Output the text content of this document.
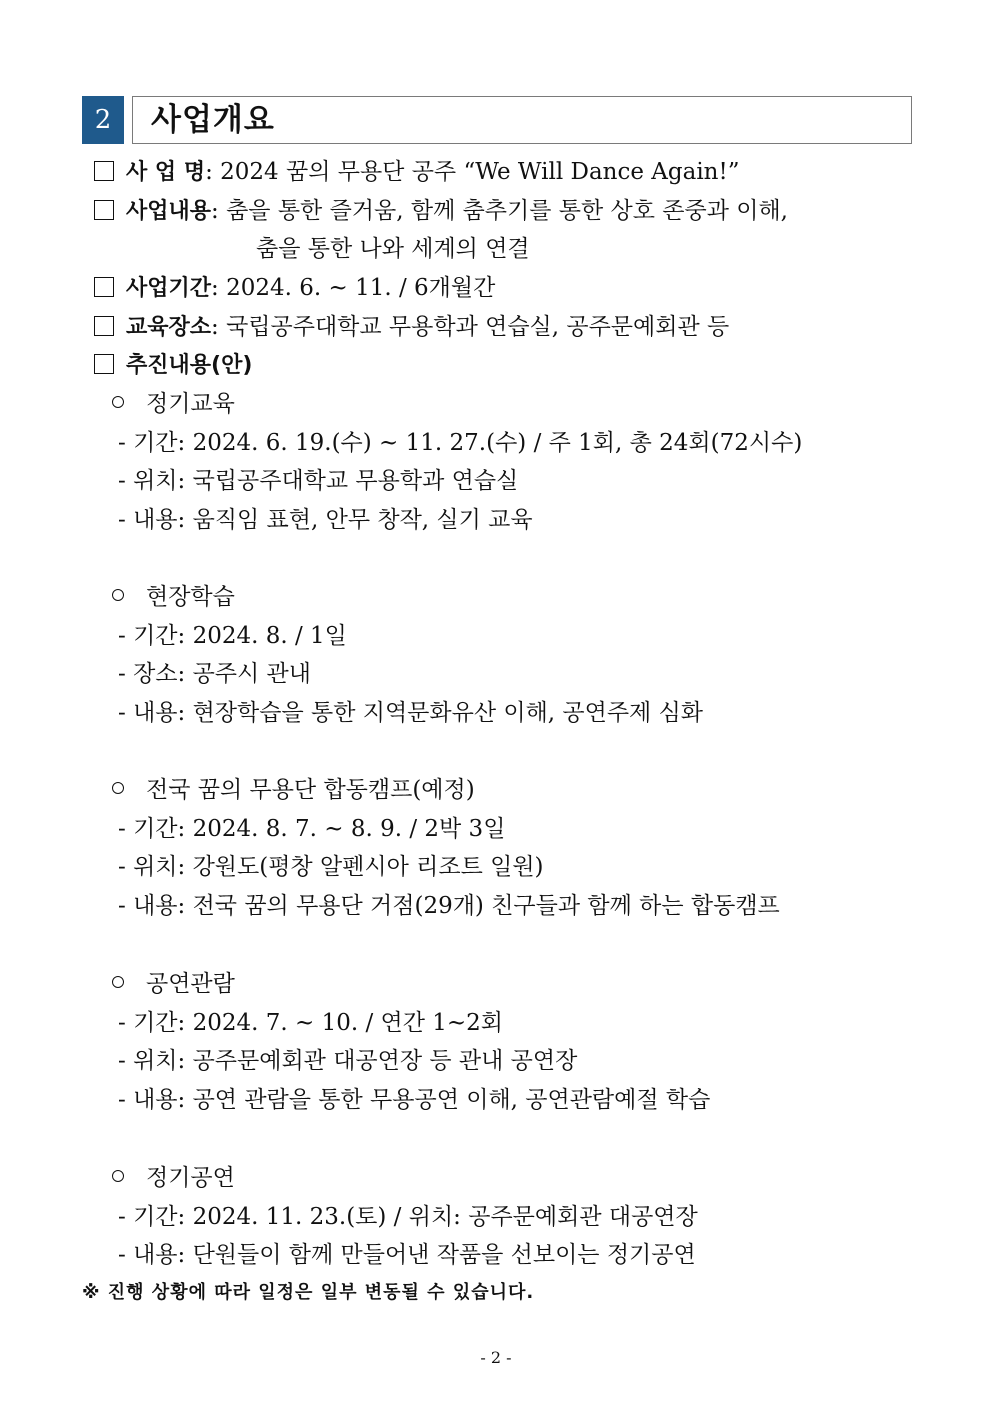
2	사업개요
사 업 명: 2024 꿈의 무용단 공주 “We Will Dance Again!”
사업내용: 춤을 통한 즐거움, 함께 춤추기를 통한 상호 존중과 이해,
춤을 통한 나와 세계의 연결
사업기간: 2024. 6. ~ 11. / 6개월간
교육장소: 국립공주대학교 무용학과 연습실, 공주문예회관 등
추진내용(안)
정기교육
- 기간: 2024. 6. 19.(수) ~ 11. 27.(수) / 주 1회, 총 24회(72시수)
- 위치: 국립공주대학교 무용학과 연습실
- 내용: 움직임 표현, 안무 창작, 실기 교육
현장학습
- 기간: 2024. 8. / 1일
- 장소: 공주시 관내
- 내용: 현장학습을 통한 지역문화유산 이해, 공연주제 심화
전국 꿈의 무용단 합동캠프(예정)
- 기간: 2024. 8. 7. ~ 8. 9. / 2박 3일
- 위치: 강원도(평창 알펜시아 리조트 일원)
- 내용: 전국 꿈의 무용단 거점(29개) 친구들과 함께 하는 합동캠프
공연관람
- 기간: 2024. 7. ~ 10. / 연간 1~2회
- 위치: 공주문예회관 대공연장 등 관내 공연장
- 내용: 공연 관람을 통한 무용공연 이해, 공연관람예절 학습
정기공연
- 기간: 2024. 11. 23.(토) / 위치: 공주문예회관 대공연장
- 내용: 단원들이 함께 만들어낸 작품을 선보이는 정기공연
※ 진행 상황에 따라 일정은 일부 변동될 수 있습니다.
- 2 -
